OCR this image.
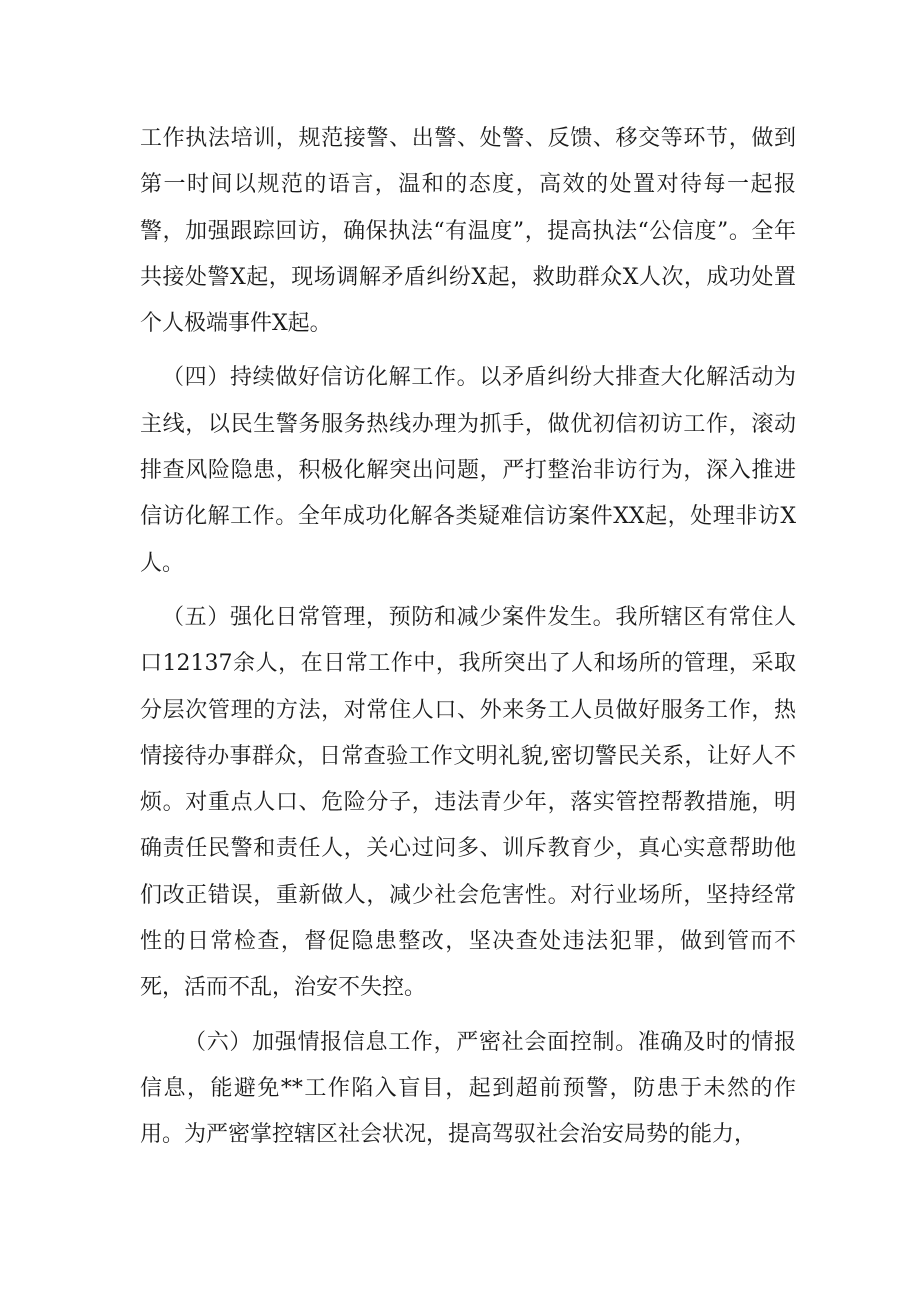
工作执法培训，规范接警、出警、处警、反馈、移交等环节，做到第一时间以规范的语言，温和的态度，高效的处置对待每一起报警，加强跟踪回访，确保执法“有温度”，提高执法“公信度”。全年共接处警X起，现场调解矛盾纠纷X起，救助群众X人次，成功处置个人极端事件X起。

（四）持续做好信访化解工作。以矛盾纠纷大排查大化解活动为主线，以民生警务服务热线办理为抓手，做优初信初访工作，滚动排查风险隐患，积极化解突出问题，严打整治非访行为，深入推进信访化解工作。全年成功化解各类疑难信访案件XX起，处理非访X人。

（五）强化日常管理，预防和减少案件发生。我所辖区有常住人口12137余人，在日常工作中，我所突出了人和场所的管理，采取分层次管理的方法，对常住人口、外来务工人员做好服务工作，热情接待办事群众，日常查验工作文明礼貌,密切警民关系，让好人不烦。对重点人口、危险分子，违法青少年，落实管控帮教措施，明确责任民警和责任人，关心过问多、训斥教育少，真心实意帮助他们改正错误，重新做人，减少社会危害性。对行业场所，坚持经常性的日常检查，督促隐患整改，坚决查处违法犯罪，做到管而不死，活而不乱，治安不失控。

（六）加强情报信息工作，严密社会面控制。准确及时的情报信息，能避免**工作陷入盲目，起到超前预警，防患于未然的作用。为严密掌控辖区社会状况，提高驾驭社会治安局势的能力，
